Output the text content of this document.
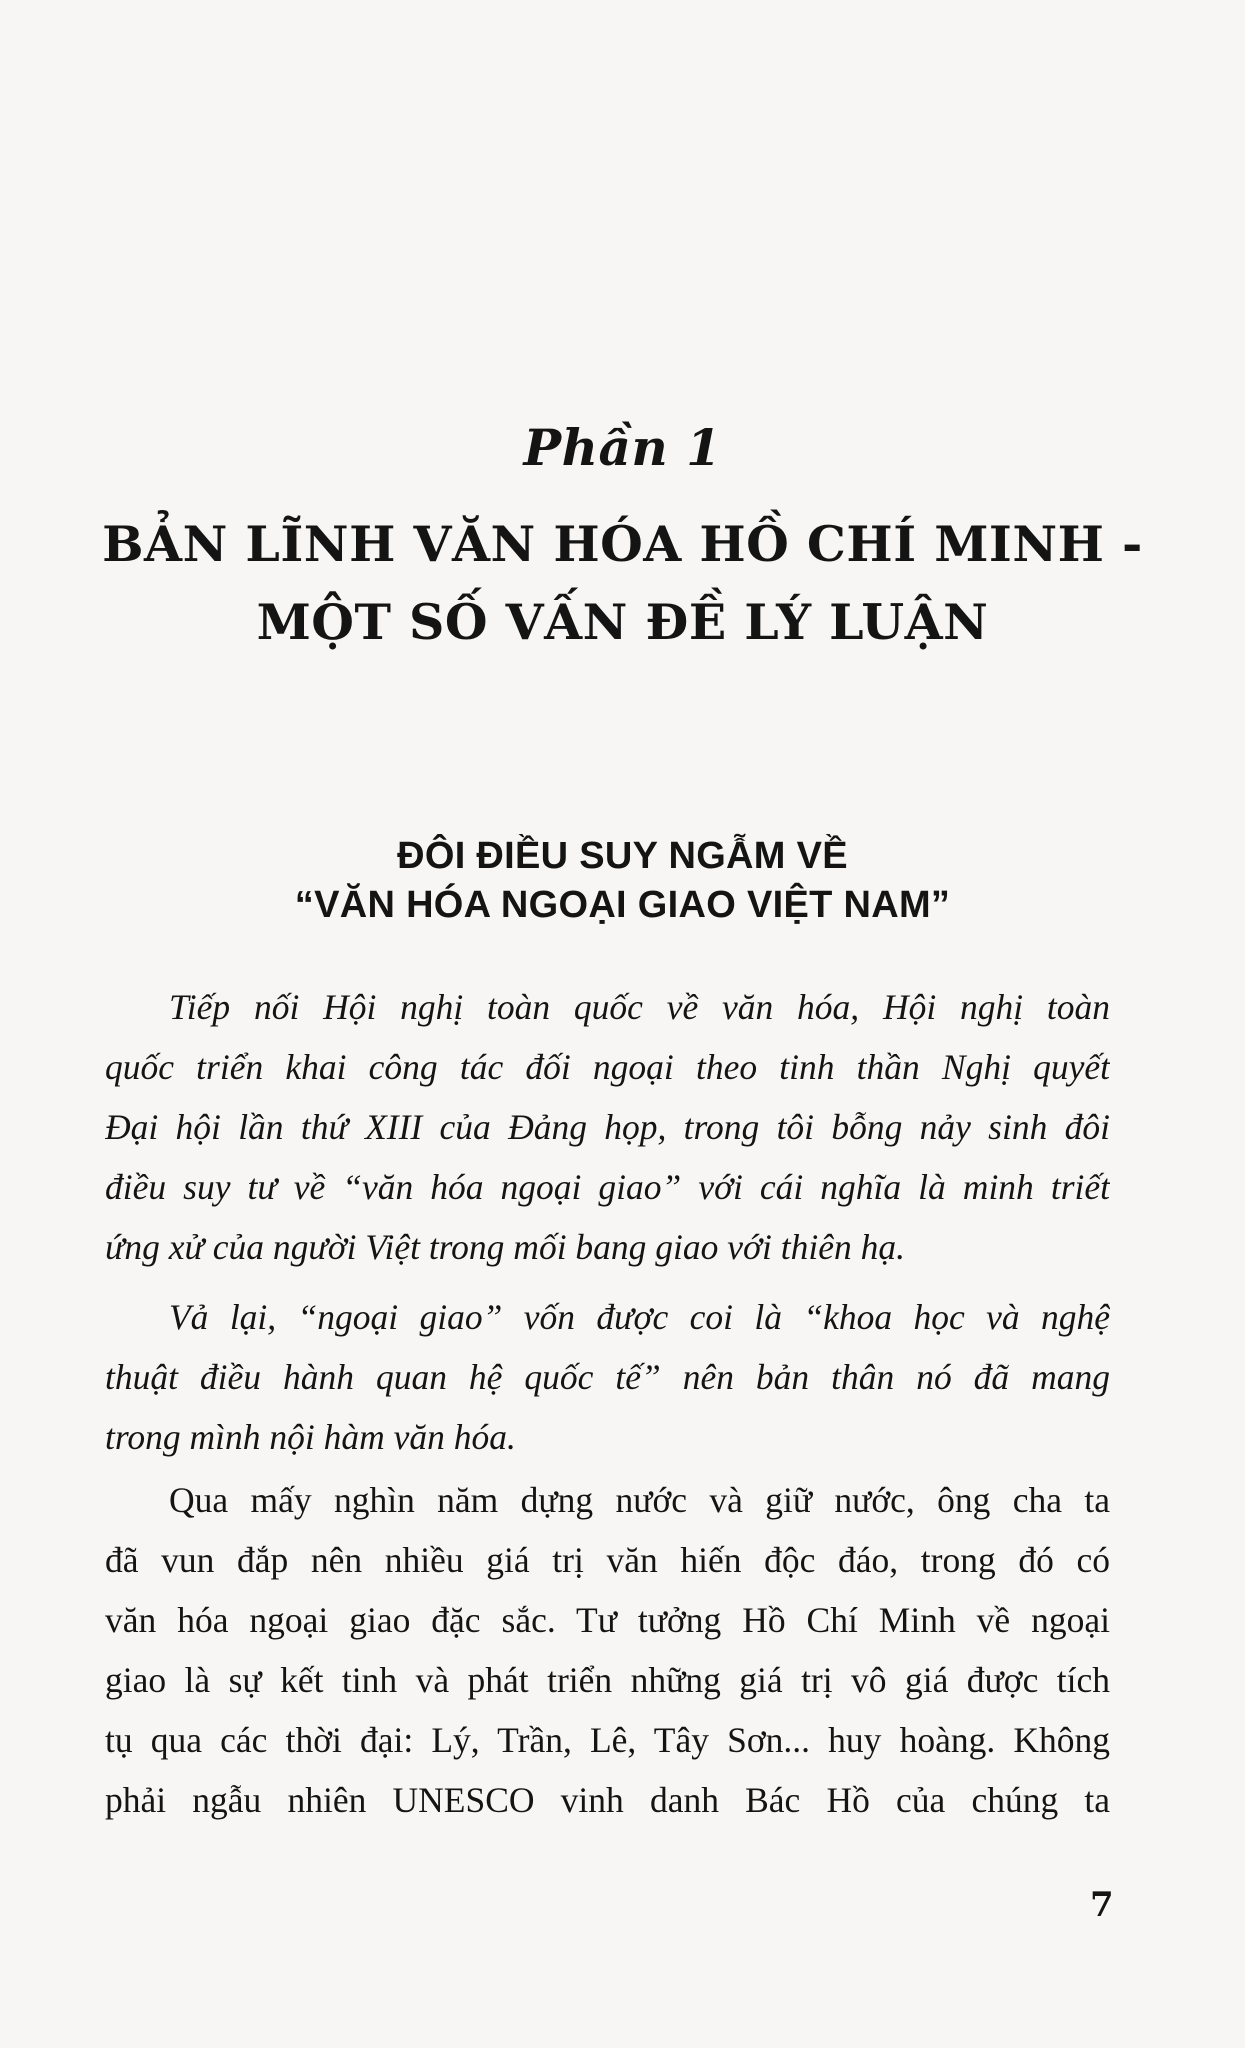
Phần 1
BẢN LĨNH VĂN HÓA HỒ CHÍ MINH -
MỘT SỐ VẤN ĐỀ LÝ LUẬN
ĐÔI ĐIỀU SUY NGẪM VỀ
“VĂN HÓA NGOẠI GIAO VIỆT NAM”
Tiếp nối Hội nghị toàn quốc về văn hóa, Hội nghị toàn
quốc triển khai công tác đối ngoại theo tinh thần Nghị quyết
Đại hội lần thứ XIII của Đảng họp, trong tôi bỗng nảy sinh đôi
điều suy tư về “văn hóa ngoại giao” với cái nghĩa là minh triết
ứng xử của người Việt trong mối bang giao với thiên hạ.
Vả lại, “ngoại giao” vốn được coi là “khoa học và nghệ
thuật điều hành quan hệ quốc tế” nên bản thân nó đã mang
trong mình nội hàm văn hóa.
Qua mấy nghìn năm dựng nước và giữ nước, ông cha ta
đã vun đắp nên nhiều giá trị văn hiến độc đáo, trong đó có
văn hóa ngoại giao đặc sắc. Tư tưởng Hồ Chí Minh về ngoại
giao là sự kết tinh và phát triển những giá trị vô giá được tích
tụ qua các thời đại: Lý, Trần, Lê, Tây Sơn... huy hoàng. Không
phải ngẫu nhiên UNESCO vinh danh Bác Hồ của chúng ta
7
